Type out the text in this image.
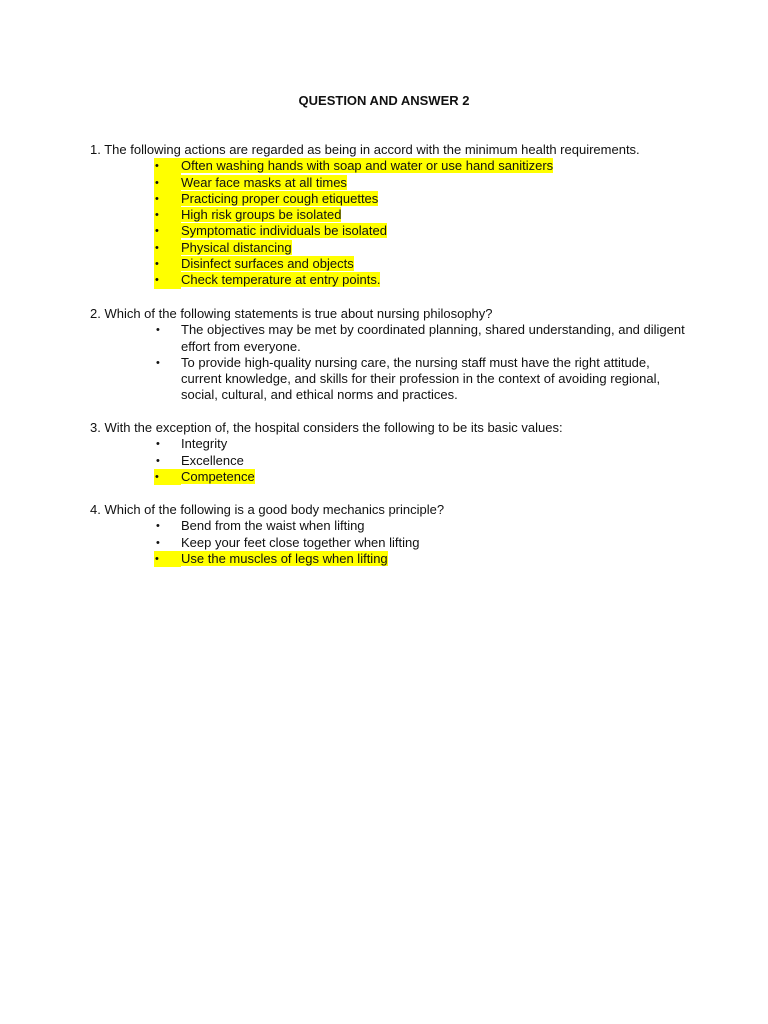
QUESTION AND ANSWER 2

1. The following actions are regarded as being in accord with the minimum health requirements.

•	Often washing hands with soap and water or use hand sanitizers
•	Wear face masks at all times
•	Practicing proper cough etiquettes
•	High risk groups be isolated
•	Symptomatic individuals be isolated
•	Physical distancing
•	Disinfect surfaces and objects
•	Check temperature at entry points.

2. Which of the following statements is true about nursing philosophy?

• The objectives may be met by coordinated planning, shared understanding, and diligent effort from everyone.
• To provide high-quality nursing care, the nursing staff must have the right attitude, current knowledge, and skills for their profession in the context of avoiding regional, social, cultural, and ethical norms and practices.

3. With the exception of, the hospital considers the following to be its basic values:

• Integrity
• Excellence
•	Competence

4. Which of the following is a good body mechanics principle?

• Bend from the waist when lifting
• Keep your feet close together when lifting
•	Use the muscles of legs when lifting
